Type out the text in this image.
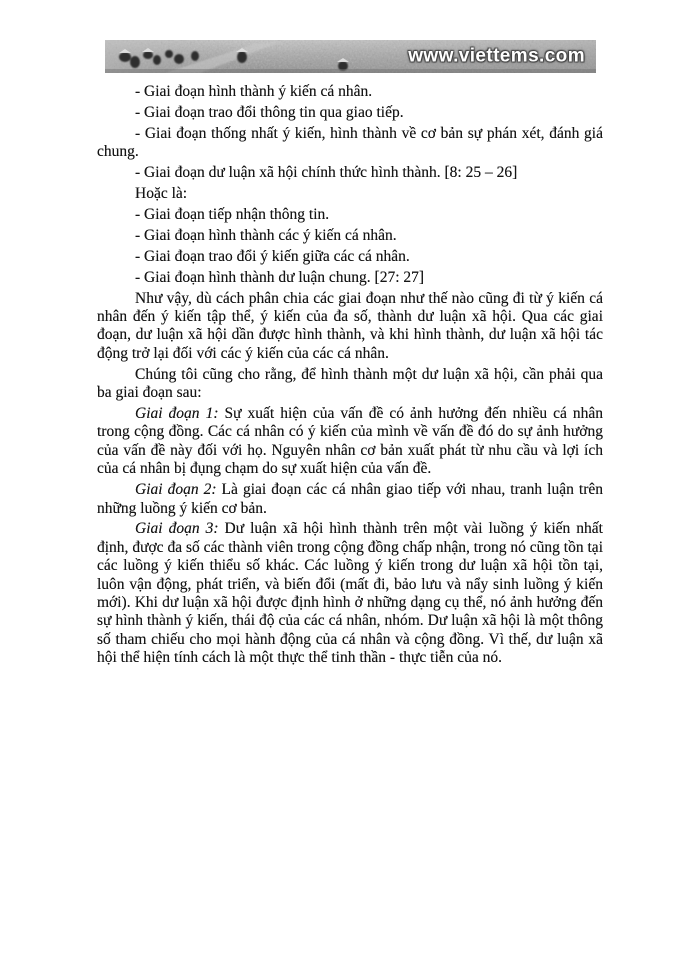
www.viettems.com

- Giai đoạn hình thành ý kiến cá nhân.

- Giai đoạn trao đổi thông tin qua giao tiếp.

- Giai đoạn thống nhất ý kiến, hình thành về cơ bản sự phán xét, đánh giá chung.

- Giai đoạn dư luận xã hội chính thức hình thành. [8: 25 – 26]

Hoặc là:

- Giai đoạn tiếp nhận thông tin.

- Giai đoạn hình thành các ý kiến cá nhân.

- Giai đoạn trao đổi ý kiến giữa các cá nhân.

- Giai đoạn hình thành dư luận chung. [27: 27]

Như vậy, dù cách phân chia các giai đoạn như thế nào cũng đi từ ý kiến cá nhân đến ý kiến tập thể, ý kiến của đa số, thành dư luận xã hội. Qua các giai đoạn, dư luận xã hội dần được hình thành, và khi hình thành, dư luận xã hội tác động trở lại đối với các ý kiến của các cá nhân.

Chúng tôi cũng cho rằng, để hình thành một dư luận xã hội, cần phải qua ba giai đoạn sau:

Giai đoạn 1: Sự xuất hiện của vấn đề có ảnh hưởng đến nhiều cá nhân trong cộng đồng. Các cá nhân có ý kiến của mình về vấn đề đó do sự ảnh hưởng của vấn đề này đối với họ. Nguyên nhân cơ bản xuất phát từ nhu cầu và lợi ích của cá nhân bị đụng chạm do sự xuất hiện của vấn đề.

Giai đoạn 2: Là giai đoạn các cá nhân giao tiếp với nhau, tranh luận trên những luồng ý kiến cơ bản.

Giai đoạn 3: Dư luận xã hội hình thành trên một vài luồng ý kiến nhất định, được đa số các thành viên trong cộng đồng chấp nhận, trong nó cũng tồn tại các luồng ý kiến thiểu số khác. Các luồng ý kiến trong dư luận xã hội tồn tại, luôn vận động, phát triển, và biến đổi (mất đi, bảo lưu và nẩy sinh luồng ý kiến mới). Khi dư luận xã hội được định hình ở những dạng cụ thể, nó ảnh hưởng đến sự hình thành ý kiến, thái độ của các cá nhân, nhóm. Dư luận xã hội là một thông số tham chiếu cho mọi hành động của cá nhân và cộng đồng. Vì thế, dư luận xã hội thể hiện tính cách là một thực thể tinh thần - thực tiễn của nó.
